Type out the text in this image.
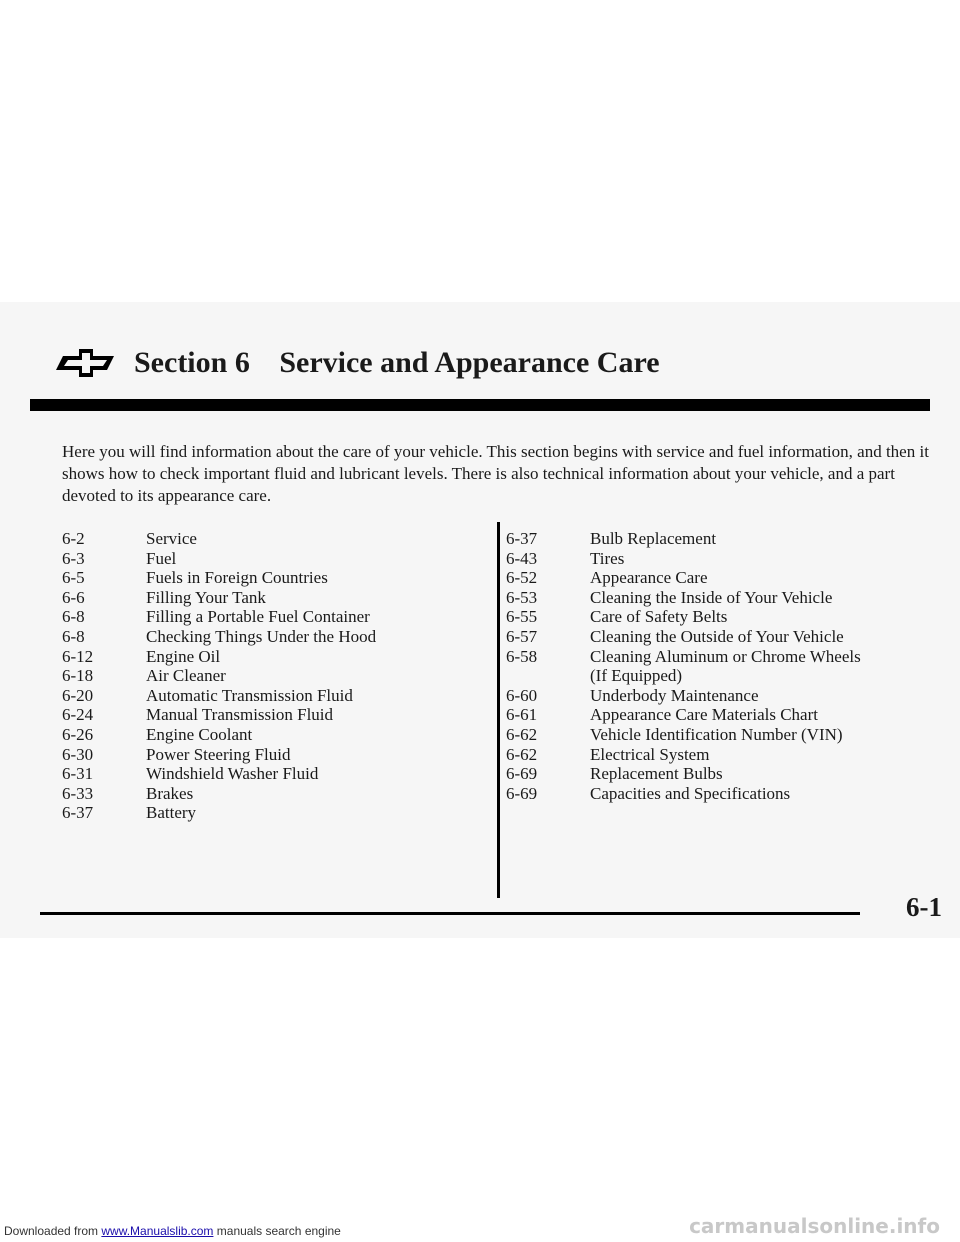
Section 6 Service and Appearance Care

Here you will find information about the care of your vehicle. This section begins with service and fuel information, and then it shows how to check important fluid and lubricant levels. There is also technical information about your vehicle, and a part devoted to its appearance care.

6-2	Service
6-3	Fuel
6-5	Fuels in Foreign Countries
6-6	Filling Your Tank
6-8	Filling a Portable Fuel Container
6-8	Checking Things Under the Hood
6-12	Engine Oil
6-18	Air Cleaner
6-20	Automatic Transmission Fluid
6-24	Manual Transmission Fluid
6-26	Engine Coolant
6-30	Power Steering Fluid
6-31	Windshield Washer Fluid
6-33	Brakes
6-37	Battery
6-37	Bulb Replacement
6-43	Tires
6-52	Appearance Care
6-53	Cleaning the Inside of Your Vehicle
6-55	Care of Safety Belts
6-57	Cleaning the Outside of Your Vehicle
6-58	Cleaning Aluminum or Chrome Wheels
(If Equipped)
6-60	Underbody Maintenance
6-61	Appearance Care Materials Chart
6-62	Vehicle Identification Number (VIN)
6-62	Electrical System
6-69	Replacement Bulbs
6-69	Capacities and Specifications
6-1
Downloaded from www.Manualslib.com manuals search engine	carmanualsonline.info
